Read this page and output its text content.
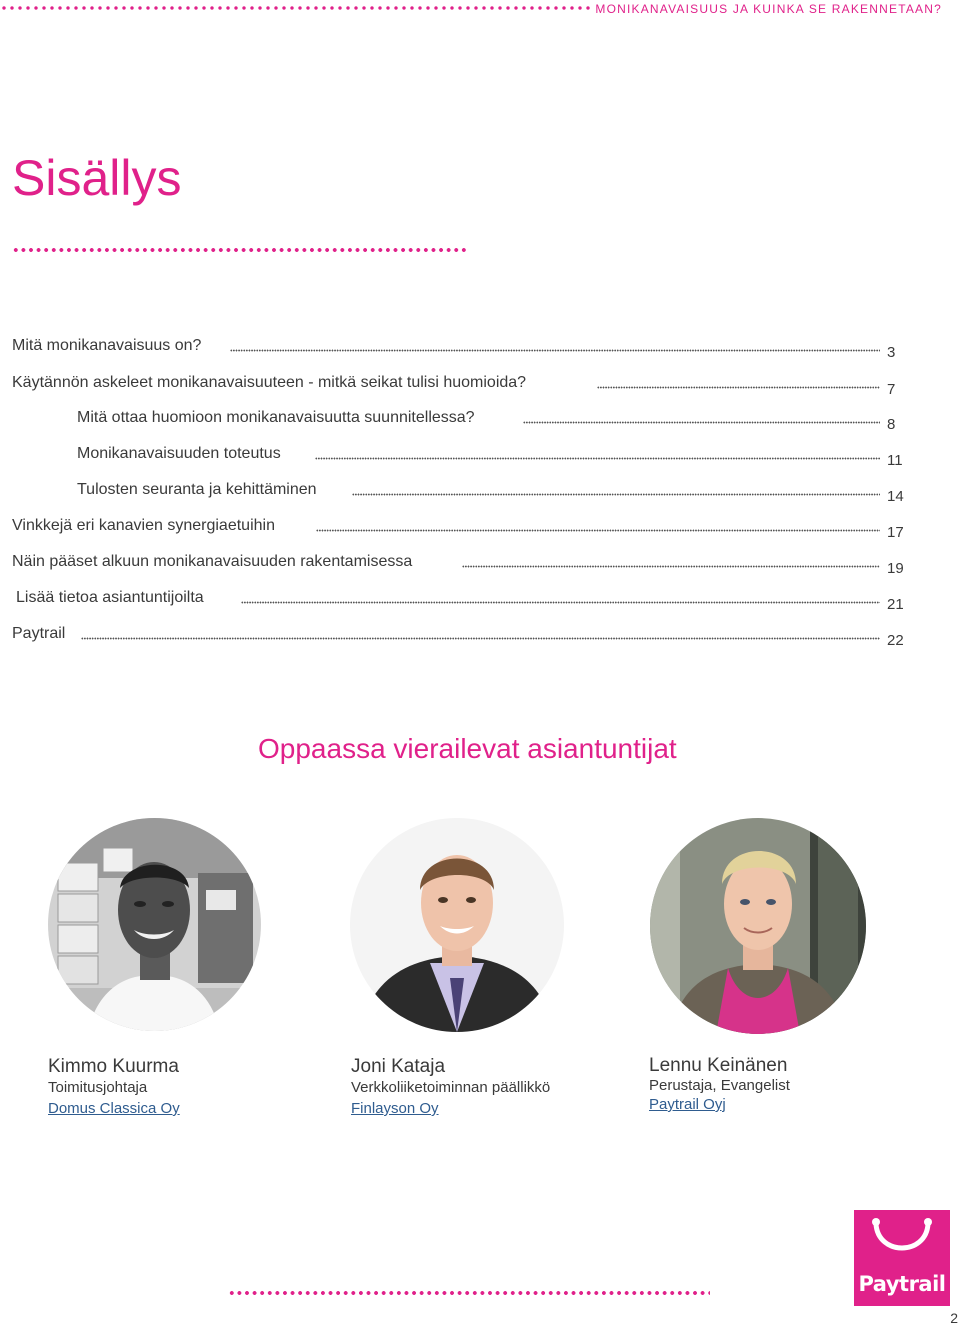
MONIKANAVAISUUS JA KUINKA SE RAKENNETAAN?
Sisällys
Mitä monikanavaisuus on?	3
Käytännön askeleet monikanavaisuuteen - mitkä seikat tulisi huomioida?	7
Mitä ottaa huomioon monikanavaisuutta suunnitellessa?	8
Monikanavaisuuden toteutus	11
Tulosten seuranta ja kehittäminen	14
Vinkkejä eri kanavien synergiaetuihin	17
Näin pääset alkuun monikanavaisuuden rakentamisessa	19
Lisää tietoa asiantuntijoilta	21
Paytrail	22
Oppaassa vierailevat asiantuntijat
Kimmo Kuurma
Toimitusjohtaja
Domus Classica Oy
Joni Kataja
Verkkoliiketoiminnan päällikkö
Finlayson Oy
Lennu Keinänen
Perustaja, Evangelist
Paytrail Oyj
Paytrail
2
